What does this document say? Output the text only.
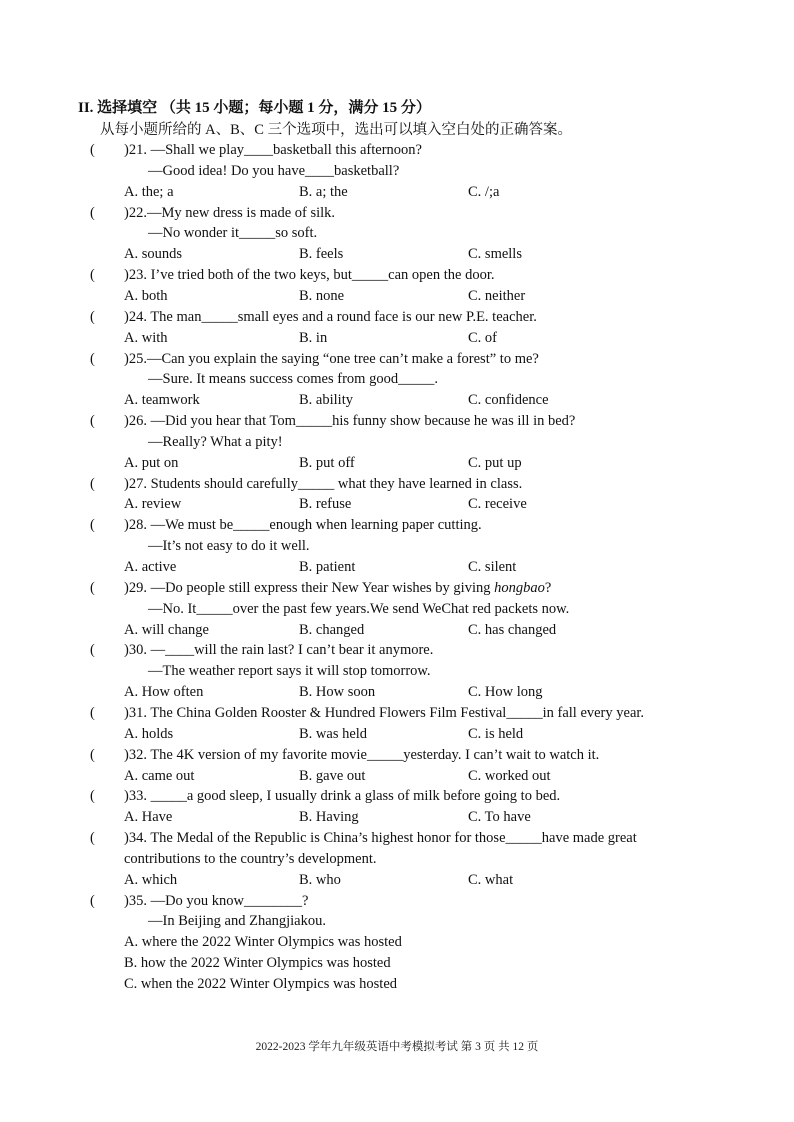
II. 选择填空 （共 15 小题；每小题 1 分，满分 15 分）
从每小题所给的 A、B、C 三个选项中，选出可以填入空白处的正确答案。
( )21. —Shall we play____basketball this afternoon?
—Good idea! Do you have____basketball?
A. the; a	B. a; the	C. /;a
( )22.—My new dress is made of silk.
—No wonder it_____so soft.
A. sounds	B. feels	C. smells
( )23. I’ve tried both of the two keys, but_____can open the door.
A. both	B. none	C. neither
( )24. The man_____small eyes and a round face is our new P.E. teacher.
A. with	B. in	C. of
( )25.—Can you explain the saying “one tree can’t make a forest” to me?
—Sure. It means success comes from good_____.
A. teamwork	B. ability	C. confidence
( )26. —Did you hear that Tom_____his funny show because he was ill in bed?
—Really? What a pity!
A. put on	B. put off	C. put up
( )27. Students should carefully_____ what they have learned in class.
A. review	B. refuse	C. receive
( )28. —We must be_____enough when learning paper cutting.
—It’s not easy to do it well.
A. active	B. patient	C. silent
( )29. —Do people still express their New Year wishes by giving hongbao?
—No. It_____over the past few years.We send WeChat red packets now.
A. will change	B. changed	C. has changed
( )30. —____will the rain last? I can’t bear it anymore.
—The weather report says it will stop tomorrow.
A. How often	B. How soon	C. How long
( )31. The China Golden Rooster & Hundred Flowers Film Festival_____in fall every year.
A. holds	B. was held	C. is held
( )32. The 4K version of my favorite movie_____yesterday. I can’t wait to watch it.
A. came out	B. gave out	C. worked out
( )33. _____a good sleep, I usually drink a glass of milk before going to bed.
A. Have	B. Having	C. To have
( )34. The Medal of the Republic is China’s highest honor for those_____have made great
contributions to the country’s development.
A. which	B. who	C. what
( )35. —Do you know________?
—In Beijing and Zhangjiakou.
A. where the 2022 Winter Olympics was hosted
B. how the 2022 Winter Olympics was hosted
C. when the 2022 Winter Olympics was hosted
2022-2023 学年九年级英语中考模拟考试 第 3 页 共 12 页
